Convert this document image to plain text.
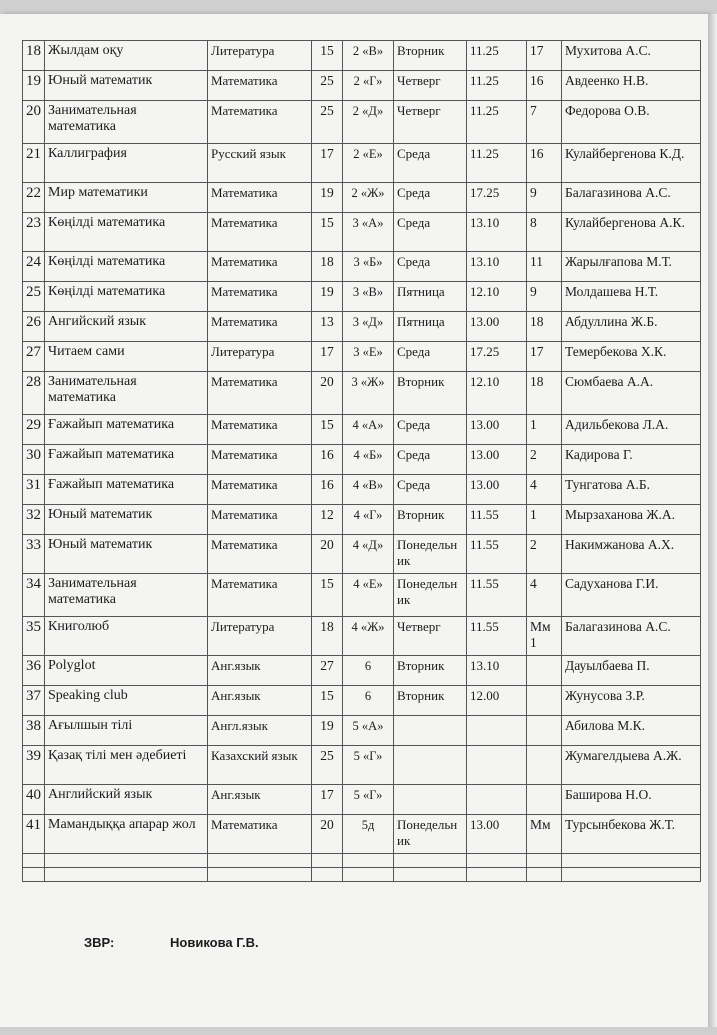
18	Жылдам оқу	Литература	15	2 «В»	Вторник	11.25	17	Мухитова А.С.
19	Юный математик	Математика	25	2 «Г»	Четверг	11.25	16	Авдеенко Н.В.
20	Занимательная математика	Математика	25	2 «Д»	Четверг	11.25	7	Федорова О.В.
21	Каллиграфия	Русский язык	17	2 «Е»	Среда	11.25	16	Кулайбергенова К.Д.
22	Мир математики	Математика	19	2 «Ж»	Среда	17.25	9	Балагазинова А.С.
23	Көңілді математика	Математика	15	3 «А»	Среда	13.10	8	Кулайбергенова А.К.
24	Көңілді математика	Математика	18	3 «Б»	Среда	13.10	11	Жарылғапова М.Т.
25	Көңілді математика	Математика	19	3 «В»	Пятница	12.10	9	Молдашева Н.Т.
26	Ангийский язык	Математика	13	3 «Д»	Пятница	13.00	18	Абдуллина Ж.Б.
27	Читаем сами	Литература	17	3 «Е»	Среда	17.25	17	Темербекова Х.К.
28	Занимательная математика	Математика	20	3 «Ж»	Вторник	12.10	18	Сюмбаева А.А.
29	Ғажайып математика	Математика	15	4 «А»	Среда	13.00	1	Адильбекова Л.А.
30	Ғажайып математика	Математика	16	4 «Б»	Среда	13.00	2	Кадирова Г.
31	Ғажайып математика	Математика	16	4 «В»	Среда	13.00	4	Тунгатова А.Б.
32	Юный математик	Математика	12	4 «Г»	Вторник	11.55	1	Мырзаханова Ж.А.
33	Юный математик	Математика	20	4 «Д»	Понедельник	11.55	2	Накимжанова А.Х.
34	Занимательная математика	Математика	15	4 «Е»	Понедельник	11.55	4	Садуханова Г.И.
35	Книголюб	Литература	18	4 «Ж»	Четверг	11.55	Мм 1	Балагазинова А.С.
36	Polyglot	Анг.язык	27	6	Вторник	13.10		Дауылбаева П.
37	Speaking club	Анг.язык	15	6	Вторник	12.00		Жунусова З.Р.
38	Ағылшын тілі	Англ.язык	19	5 «А»				Абилова М.К.
39	Қазақ тілі мен әдебиеті	Казахский язык	25	5 «Г»				Жумагелдыева А.Ж.
40	Английский язык	Анг.язык	17	5 «Г»				Баширова Н.О.
41	Мамандыққа апарар жол	Математика	20	5д	Понедельник	13.00	Мм	Турсынбекова Ж.Т.

ЗВР:	Новикова Г.В.
